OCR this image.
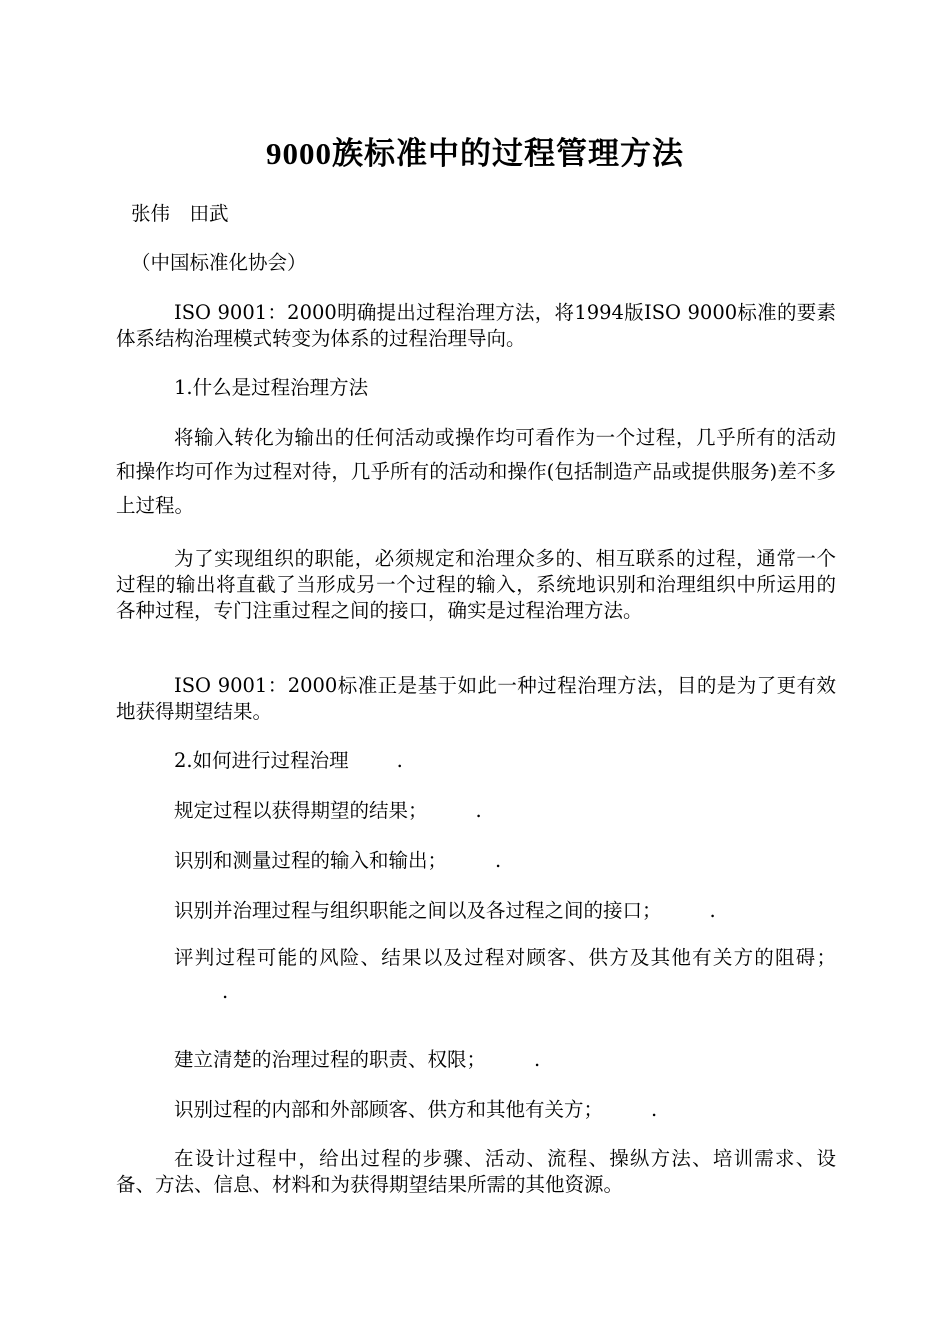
9000族标准中的过程管理方法
张伟　田武
（中国标准化协会）
ISO 9001：2000明确提出过程治理方法，将1994版ISO 9000标准的要素体系结构治理模式转变为体系的过程治理导向。
1.什么是过程治理方法
将输入转化为输出的任何活动或操作均可看作为一个过程，几乎所有的活动和操作均可作为过程对待，几乎所有的活动和操作(包括制造产品或提供服务)差不多上过程。
为了实现组织的职能，必须规定和治理众多的、相互联系的过程，通常一个过程的输出将直截了当形成另一个过程的输入，系统地识别和治理组织中所运用的各种过程，专门注重过程之间的接口，确实是过程治理方法。
ISO 9001：2000标准正是基于如此一种过程治理方法，目的是为了更有效地获得期望结果。
2.如何进行过程治理 .
规定过程以获得期望的结果； .
识别和测量过程的输入和输出； .
识别并治理过程与组织职能之间以及各过程之间的接口； .
评判过程可能的风险、结果以及过程对顾客、供方及其他有关方的阻碍；.
建立清楚的治理过程的职责、权限； .
识别过程的内部和外部顾客、供方和其他有关方； .
在设计过程中，给出过程的步骤、活动、流程、操纵方法、培训需求、设备、方法、信息、材料和为获得期望结果所需的其他资源。
